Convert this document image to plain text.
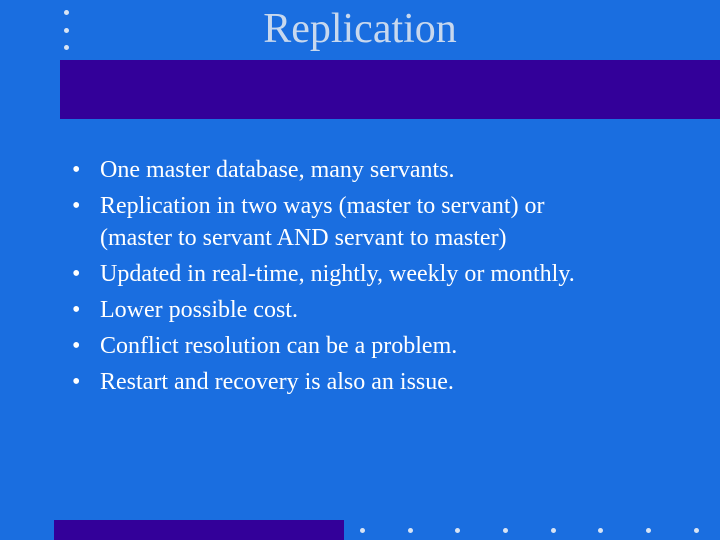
Replication
• One master database, many servants.
• Replication in two ways (master to servant) or
(master to servant AND servant to master)
• Updated in real-time, nightly, weekly or monthly.
• Lower possible cost.
• Conflict resolution can be a problem.
• Restart and recovery is also an issue.
